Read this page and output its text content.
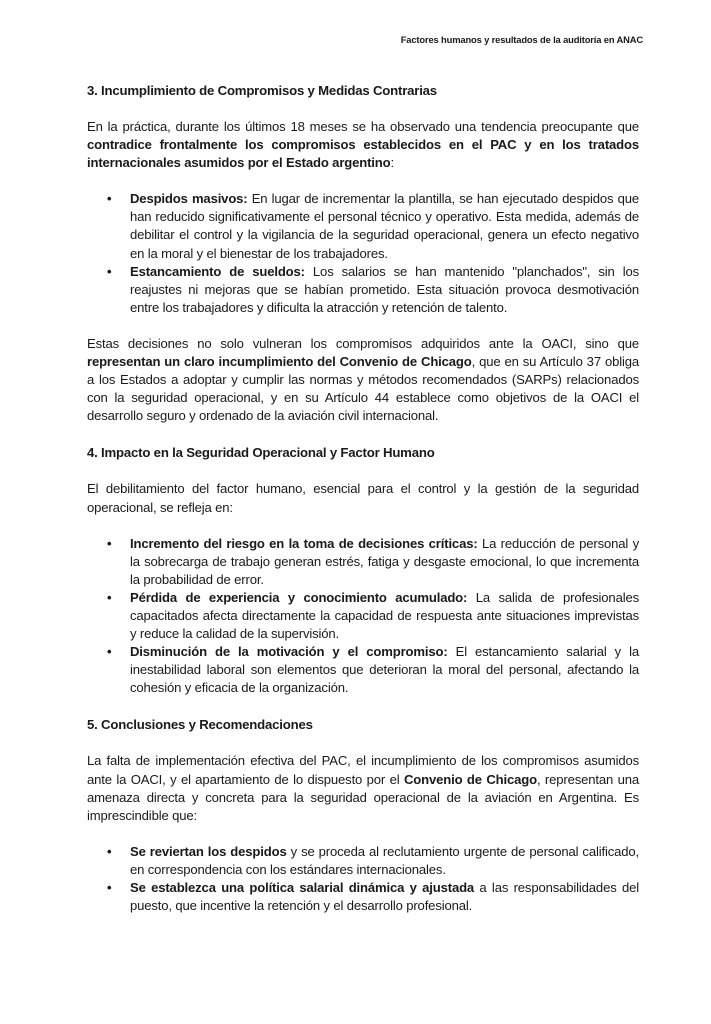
Factores humanos y resultados de la auditoría en ANAC
3. Incumplimiento de Compromisos y Medidas Contrarias

En la práctica, durante los últimos 18 meses se ha observado una tendencia preocupante que contradice frontalmente los compromisos establecidos en el PAC y en los tratados internacionales asumidos por el Estado argentino:

• Despidos masivos: En lugar de incrementar la plantilla, se han ejecutado despidos que han reducido significativamente el personal técnico y operativo. Esta medida, además de debilitar el control y la vigilancia de la seguridad operacional, genera un efecto negativo en la moral y el bienestar de los trabajadores.
• Estancamiento de sueldos: Los salarios se han mantenido "planchados", sin los reajustes ni mejoras que se habían prometido. Esta situación provoca desmotivación entre los trabajadores y dificulta la atracción y retención de talento.

Estas decisiones no solo vulneran los compromisos adquiridos ante la OACI, sino que representan un claro incumplimiento del Convenio de Chicago, que en su Artículo 37 obliga a los Estados a adoptar y cumplir las normas y métodos recomendados (SARPs) relacionados con la seguridad operacional, y en su Artículo 44 establece como objetivos de la OACI el desarrollo seguro y ordenado de la aviación civil internacional.

4. Impacto en la Seguridad Operacional y Factor Humano

El debilitamiento del factor humano, esencial para el control y la gestión de la seguridad operacional, se refleja en:

• Incremento del riesgo en la toma de decisiones críticas: La reducción de personal y la sobrecarga de trabajo generan estrés, fatiga y desgaste emocional, lo que incrementa la probabilidad de error.
• Pérdida de experiencia y conocimiento acumulado: La salida de profesionales capacitados afecta directamente la capacidad de respuesta ante situaciones imprevistas y reduce la calidad de la supervisión.
• Disminución de la motivación y el compromiso: El estancamiento salarial y la inestabilidad laboral son elementos que deterioran la moral del personal, afectando la cohesión y eficacia de la organización.
5. Conclusiones y Recomendaciones

La falta de implementación efectiva del PAC, el incumplimiento de los compromisos asumidos ante la OACI, y el apartamiento de lo dispuesto por el Convenio de Chicago, representan una amenaza directa y concreta para la seguridad operacional de la aviación en Argentina. Es imprescindible que:

• Se reviertan los despidos y se proceda al reclutamiento urgente de personal calificado, en correspondencia con los estándares internacionales.
• Se establezca una política salarial dinámica y ajustada a las responsabilidades del puesto, que incentive la retención y el desarrollo profesional.
